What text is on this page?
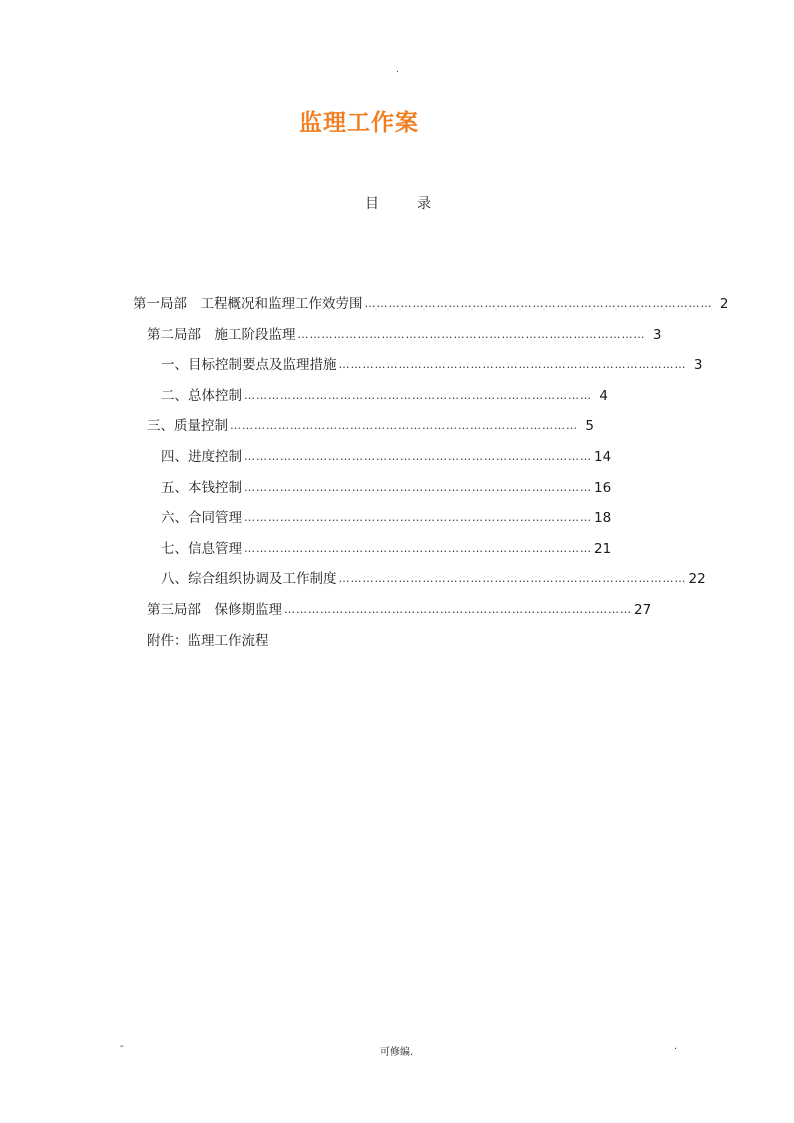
.
监理工作案
目	录
第一局部　工程概况和监理工作效劳围 …………………………………………………………………………… 2
第二局部　施工阶段监理 …………………………………………………………………………… 3
一、目标控制要点及监理措施 …………………………………………………………………………… 3
二、总体控制 …………………………………………………………………………… 4
三、质量控制 …………………………………………………………………………… 5
四、进度控制 …………………………………………………………………………… 14
五、本钱控制 …………………………………………………………………………… 16
六、合同管理 …………………………………………………………………………… 18
七、信息管理 …………………………………………………………………………… 21
八、综合组织协调及工作制度 …………………………………………………………………………… 22
第三局部　保修期监理 …………………………………………………………………………… 27
附件：监理工作流程
-
可修编.
.
